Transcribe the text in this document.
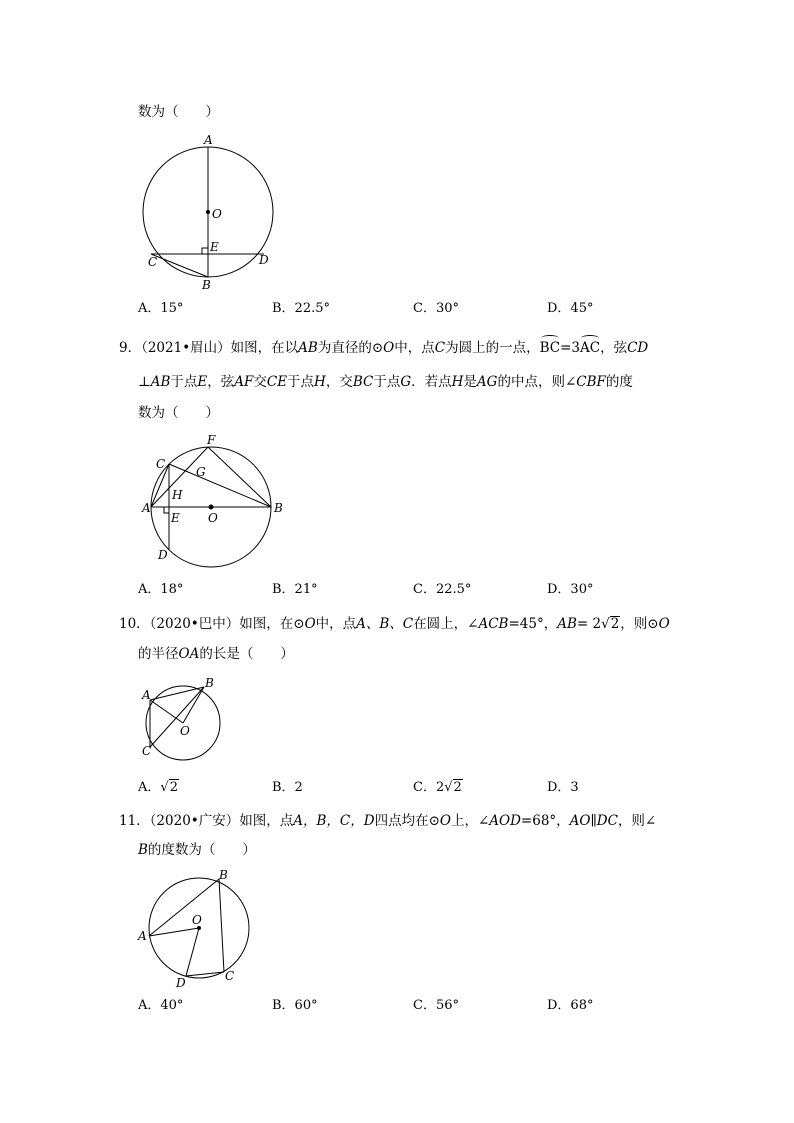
数为（　　）
A
O
E
C	D
B
A．15°	B．22.5°	C．30°	D．45°
9．（2021•眉山）如图，在以AB为直径的⊙O中，点C为圆上的一点，BC=3AC，弦CD
⊥AB于点E，弦AF交CE于点H，交BC于点G．若点H是AG的中点，则∠CBF的度
数为（　　）
F
C
G
H
A
E O
B
D
A．18°	B．21°	C．22.5°	D．30°
10．（2020•巴中）如图，在⊙O中，点A、B、C在圆上，∠ACB=45°，AB= 2√2，则⊙O
的半径OA的长是（　　）
A
B
O
C
A．√2	B．2	C．2√2	D．3
11．（2020•广安）如图，点A，B，C，D四点均在⊙O上，∠AOD=68°，AO∥DC，则∠
B的度数为（　　）
B
O
A
D	C
A．40°	B．60°	C．56°	D．68°
